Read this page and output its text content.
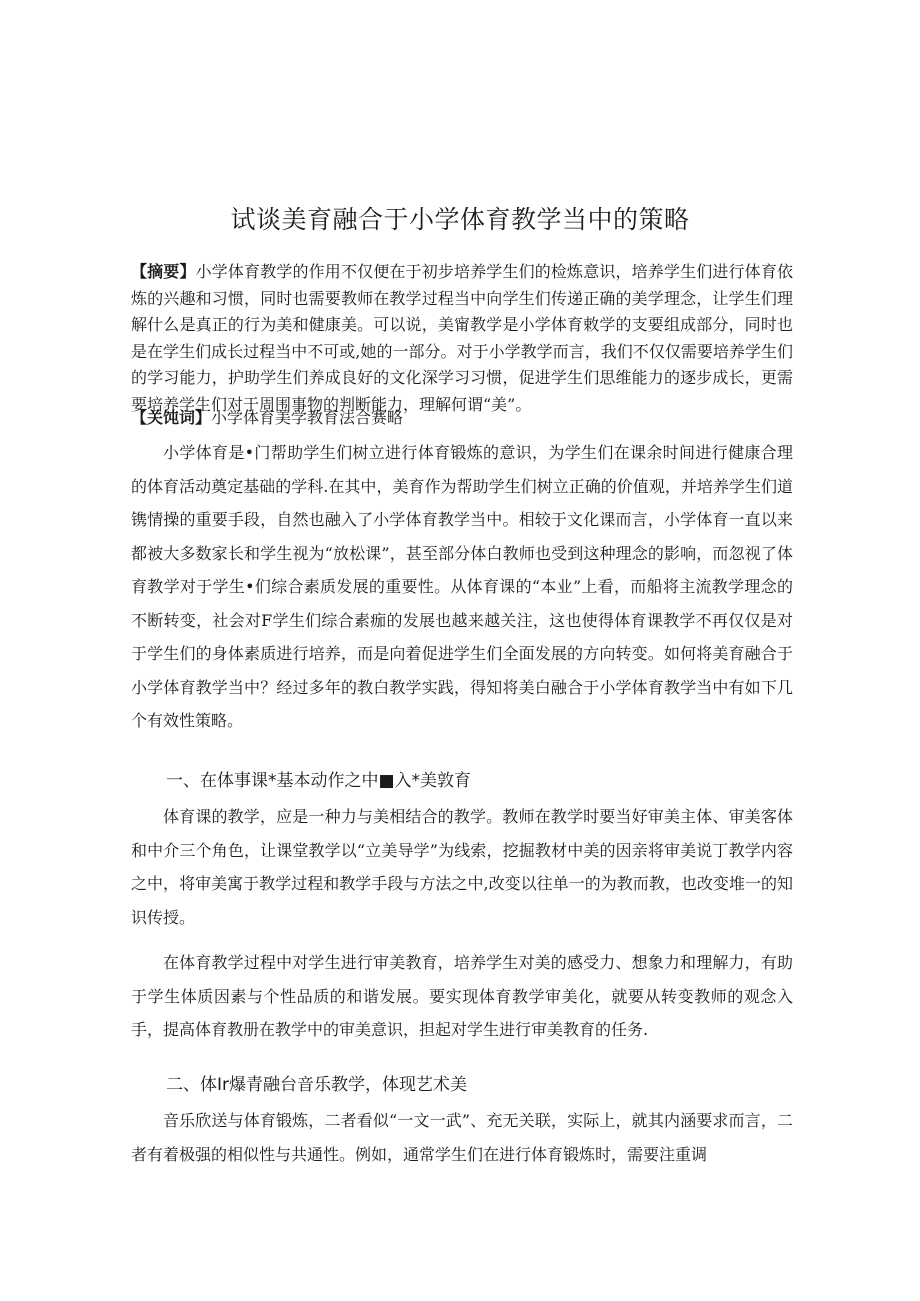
试谈美育融合于小学体育教学当中的策略

【摘要】小学体育教学的作用不仅便在于初步培养学生们的检炼意识，培养学生们进行体育依炼的兴趣和习惯，同时也需要教师在教学过程当中向学生们传递正确的美学理念，让学生们理解什么是真正的行为美和健康美。可以说，美甯教学是小学体育敕学的支要组成部分，同时也是在学生们成长过程当中不可或,她的一部分。对于小学教学而言，我们不仅仅需要培养学生们的学习能力，护助学生们养成良好的文化深学习习惯，促进学生们思维能力的逐步成长，更需要培养学生们对于周围事物的判断能力，理解何谓“美”。

【关饨词】小学体育美学教育法合赛略

小学体育是•门帮助学生们树立进行体育锻炼的意识，为学生们在课余时间进行健康合理的体育活动奠定基础的学科.在其中，美育作为帮助学生们树立正确的价值观，并培养学生们道镌情操的重要手段，自然也融入了小学体育教学当中。相较于文化课而言，小学体育一直以来都被大多数家长和学生视为“放松课”，甚至部分体白教师也受到这种理念的影响，而忽视了体育教学对于学生•们综合素质发展的重要性。从体育课的“本业”上看，而船将主流教学理念的不断转变，社会对F学生们综合素痂的发展也越来越关注，这也使得体育课教学不再仅仅是对于学生们的身体素质进行培养，而是向着促进学生们全面发展的方向转变。如何将美育融合于小学体育教学当中？经过多年的教白教学实践，得知将美白融合于小学体育教学当中有如下几个有效性策略。

一、在体事课*基本动作之中■入*美敦育

体育课的教学，应是一种力与美相结合的教学。教师在教学时要当好审美主体、审美客体和中介三个角色，让课堂教学以“立美导学”为线索，挖掘教材中美的因亲将审美说丁教学内容之中，将审美寓于教学过程和教学手段与方法之中,改变以往单一的为教而教，也改变堆一的知识传授。

在体育教学过程中对学生进行审美教育，培养学生对美的感受力、想象力和理解力，有助于学生体质因素与个性品质的和谐发展。要实现体育教学审美化，就要从转变教师的观念入手，提高体育教册在教学中的审美意识，担起对学生进行审美教育的任务.

二、体Ir爆青融台音乐教学，体现艺术美

音乐欣送与体育锻炼，二者看似“一文一武”、充无关联，实际上，就其内涵要求而言，二者有着极强的相似性与共通性。例如，通常学生们在进行体育锻炼时，需要注重调
